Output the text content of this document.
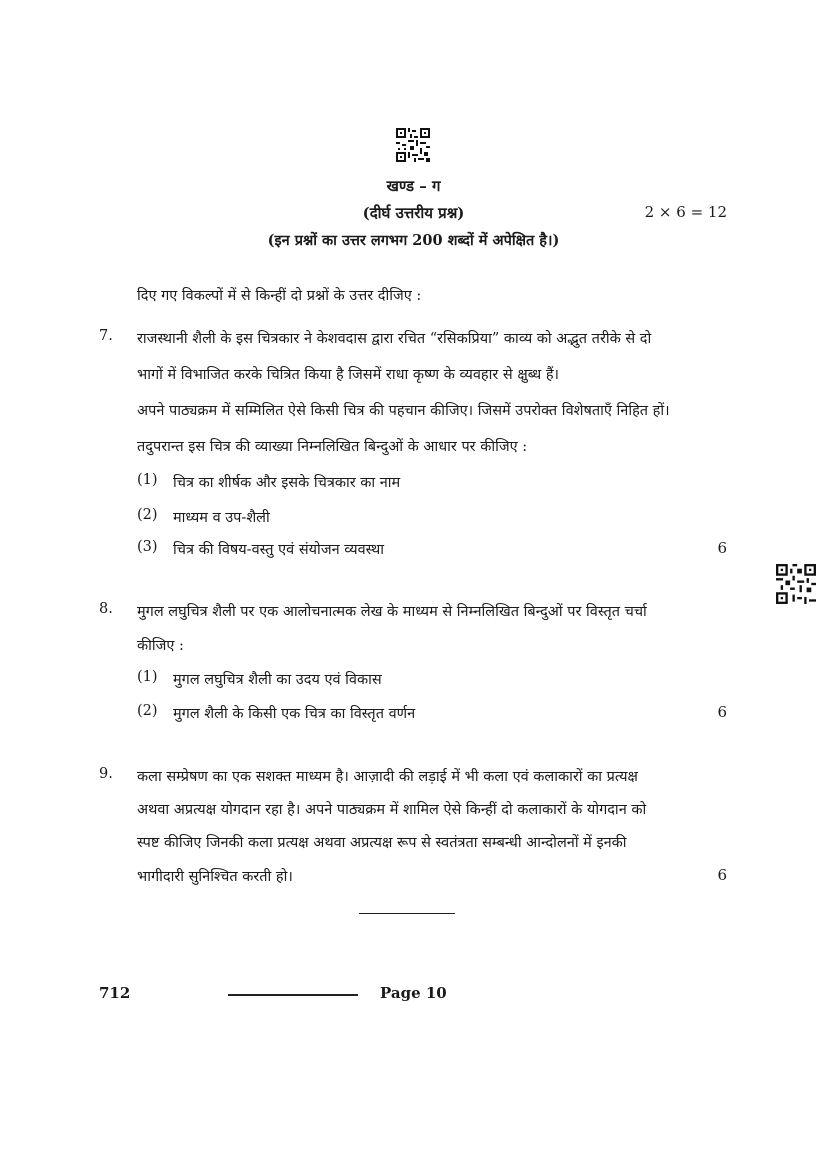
खण्ड – ग
(दीर्घ उत्तरीय प्रश्न)	2 × 6 = 12
(इन प्रश्नों का उत्तर लगभग 200 शब्दों में अपेक्षित है।)
दिए गए विकल्पों में से किन्हीं दो प्रश्नों के उत्तर दीजिए :
7. राजस्थानी शैली के इस चित्रकार ने केशवदास द्वारा रचित “रसिकप्रिया” काव्य को अद्भुत तरीके से दो
भागों में विभाजित करके चित्रित किया है जिसमें राधा कृष्ण के व्यवहार से क्षुब्ध हैं।
अपने पाठ्यक्रम में सम्मिलित ऐसे किसी चित्र की पहचान कीजिए। जिसमें उपरोक्त विशेषताएँ निहित हों।
तदुपरान्त इस चित्र की व्याख्या निम्नलिखित बिन्दुओं के आधार पर कीजिए :
(1) चित्र का शीर्षक और इसके चित्रकार का नाम
(2) माध्यम व उप-शैली
(3) चित्र की विषय-वस्तु एवं संयोजन व्यवस्था	6
8. मुगल लघुचित्र शैली पर एक आलोचनात्मक लेख के माध्यम से निम्नलिखित बिन्दुओं पर विस्तृत चर्चा
कीजिए :
(1) मुगल लघुचित्र शैली का उदय एवं विकास
(2) मुगल शैली के किसी एक चित्र का विस्तृत वर्णन	6
9. कला सम्प्रेषण का एक सशक्त माध्यम है। आज़ादी की लड़ाई में भी कला एवं कलाकारों का प्रत्यक्ष
अथवा अप्रत्यक्ष योगदान रहा है। अपने पाठ्यक्रम में शामिल ऐसे किन्हीं दो कलाकारों के योगदान को
स्पष्ट कीजिए जिनकी कला प्रत्यक्ष अथवा अप्रत्यक्ष रूप से स्वतंत्रता सम्बन्धी आन्दोलनों में इनकी
भागीदारी सुनिश्चित करती हो।	6
712	Page 10
